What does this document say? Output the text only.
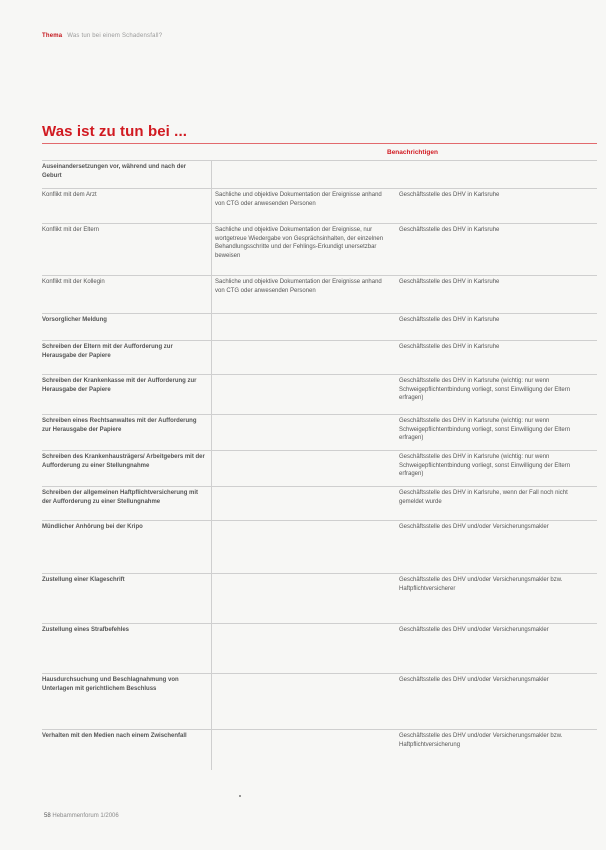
Thema Was tun bei einem Schadensfall?
Was ist zu tun bei ...
Benachrichtigen
Auseinandersetzungen vor, während und nach der Geburt		
Konflikt mit dem Arzt	Sachliche und objektive Dokumentation der Ereignisse anhand von CTG oder anwesenden Personen	Geschäftsstelle des DHV in Karlsruhe
Konflikt mit der Eltern	Sachliche und objektive Dokumentation der Ereignisse, nur wortgetreue Wiedergabe von Gesprächsinhalten, der einzelnen Behandlungsschritte und der Fehlings-Erkundigt unersetzbar beweisen	Geschäftsstelle des DHV in Karlsruhe
Konflikt mit der Kollegin	Sachliche und objektive Dokumentation der Ereignisse anhand von CTG oder anwesenden Personen	Geschäftsstelle des DHV in Karlsruhe
Vorsorglicher Meldung		Geschäftsstelle des DHV in Karlsruhe
Schreiben der Eltern mit der Aufforderung zur Herausgabe der Papiere		Geschäftsstelle des DHV in Karlsruhe
Schreiben der Krankenkasse mit der Aufforderung zur Herausgabe der Papiere		Geschäftsstelle des DHV in Karlsruhe (wichtig: nur wenn Schweigepflichtentbindung vorliegt, sonst Einwilligung der Eltern erfragen)
Schreiben eines Rechtsanwaltes mit der Aufforderung zur Herausgabe der Papiere		Geschäftsstelle des DHV in Karlsruhe (wichtig: nur wenn Schweigepflichtentbindung vorliegt, sonst Einwilligung der Eltern erfragen)
Schreiben des Krankenhausträgers/ Arbeitgebers mit der Aufforderung zu einer Stellungnahme		Geschäftsstelle des DHV in Karlsruhe (wichtig: nur wenn Schweigepflichtentbindung vorliegt, sonst Einwilligung der Eltern erfragen)
Schreiben der allgemeinen Haftpflichtversicherung mit der Aufforderung zu einer Stellungnahme		Geschäftsstelle des DHV in Karlsruhe, wenn der Fall noch nicht gemeldet wurde
Mündlicher Anhörung bei der Kripo		Geschäftsstelle des DHV und/oder Versicherungsmakler
Zustellung einer Klageschrift		Geschäftsstelle des DHV und/oder Versicherungsmakler bzw. Haftpflichtversicherer
Zustellung eines Strafbefehles		Geschäftsstelle des DHV und/oder Versicherungsmakler
Hausdurchsuchung und Beschlagnahmung von Unterlagen mit gerichtlichem Beschluss		Geschäftsstelle des DHV und/oder Versicherungsmakler
Verhalten mit den Medien nach einem Zwischenfall		Geschäftsstelle des DHV und/oder Versicherungsmakler bzw. Haftpflichtversicherung
58 Hebammenforum 1/2006
